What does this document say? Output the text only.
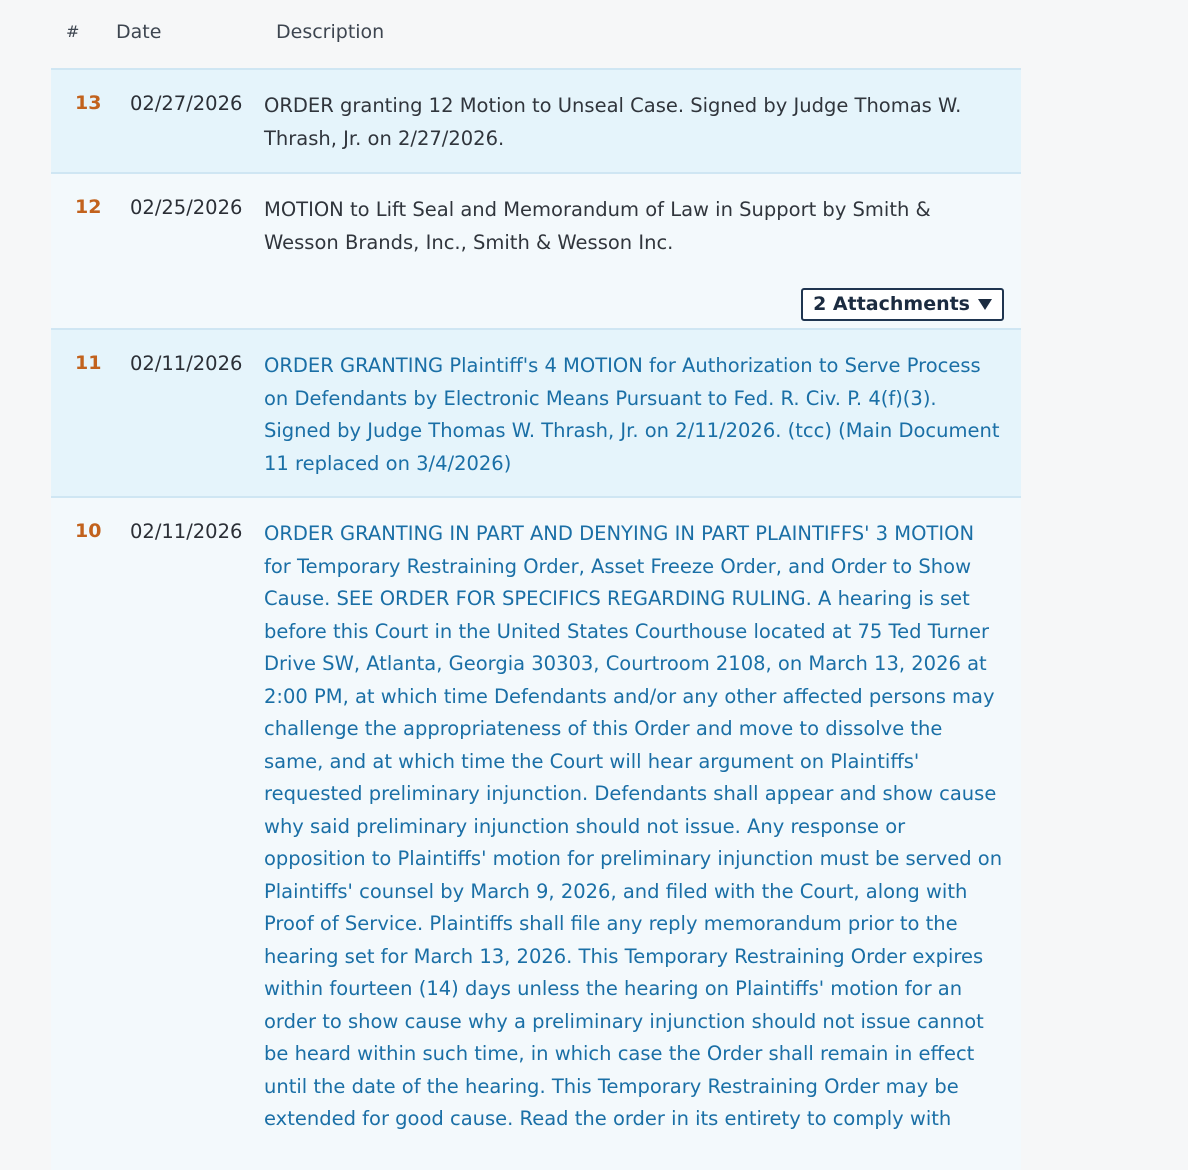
# Date	Description
13 02/27/2026 ORDER granting 12 Motion to Unseal Case. Signed by Judge Thomas W. Thrash, Jr. on 2/27/2026.
12 02/25/2026 MOTION to Lift Seal and Memorandum of Law in Support by Smith & Wesson Brands, Inc., Smith & Wesson Inc.
2 Attachments
11 02/11/2026 ORDER GRANTING Plaintiff's 4 MOTION for Authorization to Serve Process on Defendants by Electronic Means Pursuant to Fed. R. Civ. P. 4(f)(3). Signed by Judge Thomas W. Thrash, Jr. on 2/11/2026. (tcc) (Main Document 11 replaced on 3/4/2026)
10 02/11/2026 ORDER GRANTING IN PART AND DENYING IN PART PLAINTIFFS' 3 MOTION for Temporary Restraining Order, Asset Freeze Order, and Order to Show Cause. SEE ORDER FOR SPECIFICS REGARDING RULING. A hearing is set before this Court in the United States Courthouse located at 75 Ted Turner Drive SW, Atlanta, Georgia 30303, Courtroom 2108, on March 13, 2026 at 2:00 PM, at which time Defendants and/or any other affected persons may challenge the appropriateness of this Order and move to dissolve the same, and at which time the Court will hear argument on Plaintiffs' requested preliminary injunction. Defendants shall appear and show cause why said preliminary injunction should not issue. Any response or opposition to Plaintiffs' motion for preliminary injunction must be served on Plaintiffs' counsel by March 9, 2026, and filed with the Court, along with Proof of Service. Plaintiffs shall file any reply memorandum prior to the hearing set for March 13, 2026. This Temporary Restraining Order expires within fourteen (14) days unless the hearing on Plaintiffs' motion for an order to show cause why a preliminary injunction should not issue cannot be heard within such time, in which case the Order shall remain in effect until the date of the hearing. This Temporary Restraining Order may be extended for good cause. Read the order in its entirety to comply with
